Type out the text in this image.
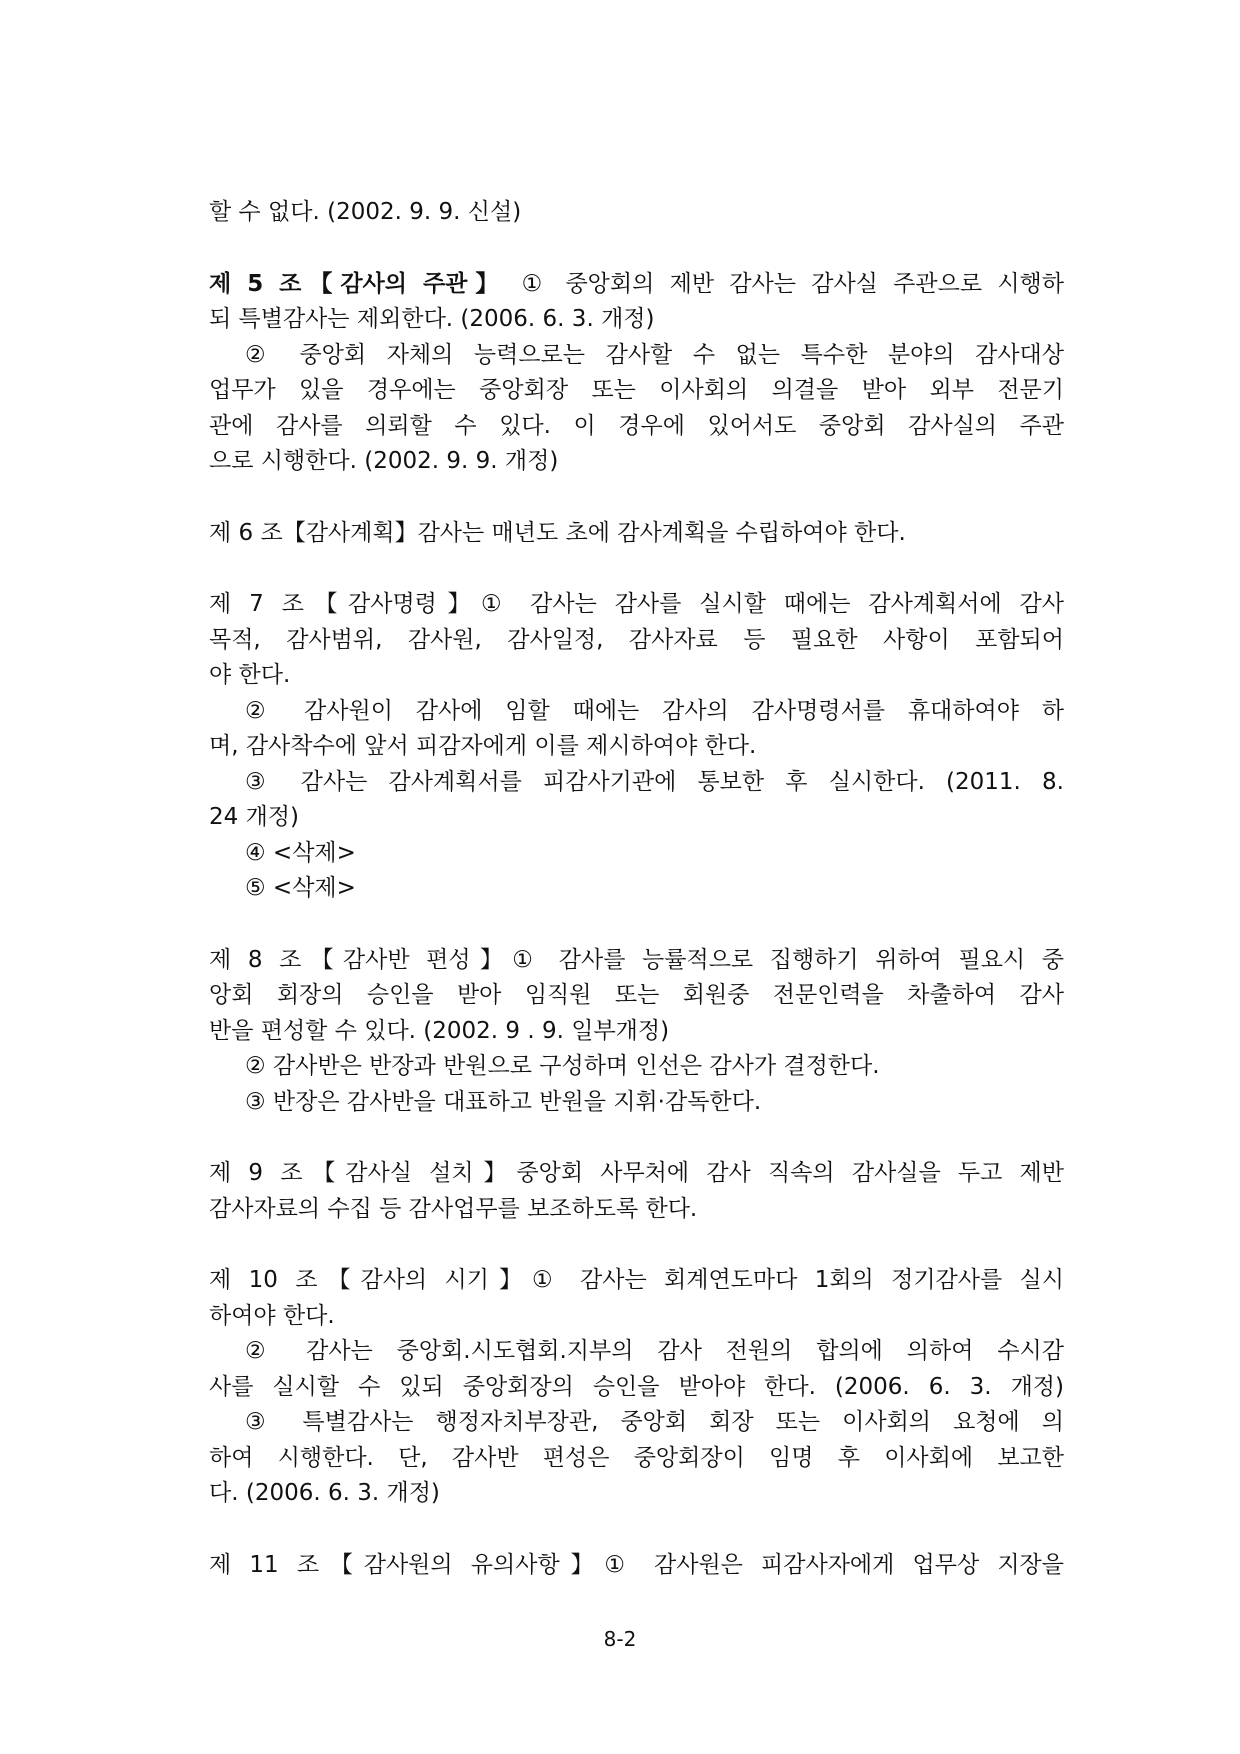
할 수 없다. (2002. 9. 9. 신설)

제 5 조【감사의 주관】 ① 중앙회의 제반 감사는 감사실 주관으로 시행하
되 특별감사는 제외한다. (2006. 6. 3. 개정)
② 중앙회 자체의 능력으로는 감사할 수 없는 특수한 분야의 감사대상
업무가 있을 경우에는 중앙회장 또는 이사회의 의결을 받아 외부 전문기
관에 감사를 의뢰할 수 있다. 이 경우에 있어서도 중앙회 감사실의 주관
으로 시행한다. (2002. 9. 9. 개정)

제 6 조【감사계획】감사는 매년도 초에 감사계획을 수립하여야 한다.

제 7 조【감사명령】① 감사는 감사를 실시할 때에는 감사계획서에 감사
목적, 감사범위, 감사원, 감사일정, 감사자료 등 필요한 사항이 포함되어
야 한다.
② 감사원이 감사에 임할 때에는 감사의 감사명령서를 휴대하여야 하
며, 감사착수에 앞서 피감자에게 이를 제시하여야 한다.
③ 감사는 감사계획서를 피감사기관에 통보한 후 실시한다. (2011. 8.
24 개정)
④ <삭제>
⑤ <삭제>

제 8 조【감사반 편성】① 감사를 능률적으로 집행하기 위하여 필요시 중
앙회 회장의 승인을 받아 임직원 또는 회원중 전문인력을 차출하여 감사
반을 편성할 수 있다. (2002. 9 . 9. 일부개정)
② 감사반은 반장과 반원으로 구성하며 인선은 감사가 결정한다.
③ 반장은 감사반을 대표하고 반원을 지휘·감독한다.

제 9 조【감사실 설치】중앙회 사무처에 감사 직속의 감사실을 두고 제반
감사자료의 수집 등 감사업무를 보조하도록 한다.

제 10 조【감사의 시기】① 감사는 회계연도마다 1회의 정기감사를 실시
하여야 한다.
② 감사는 중앙회.시도협회.지부의 감사 전원의 합의에 의하여 수시감
사를 실시할 수 있되 중앙회장의 승인을 받아야 한다. (2006. 6. 3. 개정)
③ 특별감사는 행정자치부장관, 중앙회 회장 또는 이사회의 요청에 의
하여 시행한다. 단, 감사반 편성은 중앙회장이 임명 후 이사회에 보고한
다. (2006. 6. 3. 개정)

제 11 조【감사원의 유의사항】① 감사원은 피감사자에게 업무상 지장을

8-2
